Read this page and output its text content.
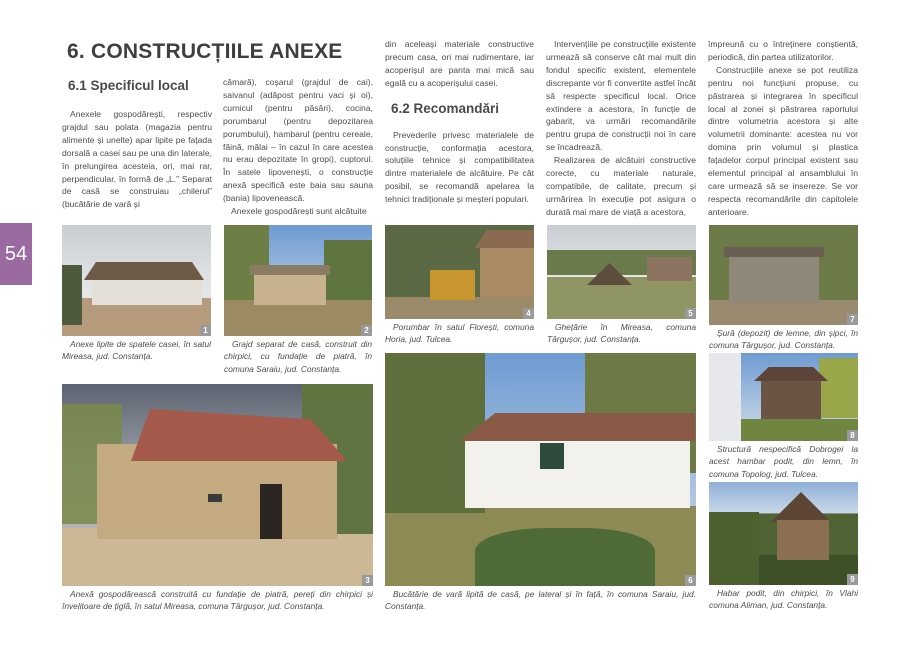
54
6. CONSTRUCȚIILE ANEXE
6.1 Specificul local
6.2 Recomandări

Anexele gospodărești, respectiv grajdul sau polata (magazia pentru alimente și unelte) apar lipite pe fațada dorsală a casei sau pe una din laterale, în prelungirea acesteia, ori, mai rar, perpendicular, în formă de „L.” Separat de casă se construiau „chilerul” (bucătărie de vară și

cămară), coșarul (grajdul de cai), saivanul (adăpost pentru vaci și oi), curnicul (pentru păsări), cocina, porumbarul (pentru depozitarea porumbului), hambarul (pentru cereale, făină, mălai – în cazul în care acestea nu erau depozitate în gropi), cuptorul. În satele lipovenești, o construcție anexă specifică este baia sau sauna (bania) lipovenească.

Anexele gospodărești sunt alcătuite

din aceleași materiale constructive precum casa, ori mai rudimentare, iar acoperișul are panta mai mică sau egală cu a acoperișului casei.

Prevederile privesc materialele de construcție, conformația acestora, soluțiile tehnice și compatibilitatea dintre materialele de alcătuire. Pe cât posibil, se recomandă apelarea la tehnici tradiționale și meșteri populari.

Intervențiile pe construcțiile existente urmează să conserve cât mai mult din fondul specific existent, elementele discrepante vor fi convertite astfel încât să respecte specificul local. Orice extindere a acestora, în funcție de gabarit, va urmări recomandările pentru grupa de construcții noi în care se încadrează.

Realizarea de alcătuiri constructive corecte, cu materiale naturale, compatibile, de calitate, precum și urmărirea în execuție pot asigura o durată mai mare de viață a acestora,

împreună cu o întreținere conștientă, periodică, din partea utilizatorilor.

Construcțiile anexe se pot reutiliza pentru noi funcțiuni propuse, cu păstrarea și integrarea în specificul local al zonei și păstrarea raportului dintre volumetria acestora și alte volumetrii dominante: acestea nu vor domina prin volumul și plastica fațadelor corpul principal existent sau elementul principal al ansamblului în care urmează să se insereze. Se vor respecta recomandările din capitolele anterioare.

1
Anexe lipite de spatele casei, în satul Mireasa, jud. Constanța.
2
Grajd separat de casă, construit din chirpici, cu fundație de piatră, în comuna Saraiu, jud. Constanța.
4
Porumbar în satul Florești, comuna Horia, jud. Tulcea.
5
Ghețărie în Mireasa, comuna Târgușor, jud. Constanța.
7
Șură (depozit) de lemne, din șipci, în comuna Târgușor, jud. Constanța.
3
Anexă gospodărească construită cu fundație de piatră, pereți din chirpici și învelitoare de țiglă, în satul Mireasa, comuna Târgușor, jud. Constanța.
6
Bucătărie de vară lipită de casă, pe lateral și în față, în comuna Saraiu, jud. Constanța.
8
Structură nespecifică Dobrogei la acest hambar podit, din lemn, în comuna Topolog, jud. Tulcea.
9
Habar podit, din chirpici, în Vlahi comuna Aliman, jud. Constanța.
